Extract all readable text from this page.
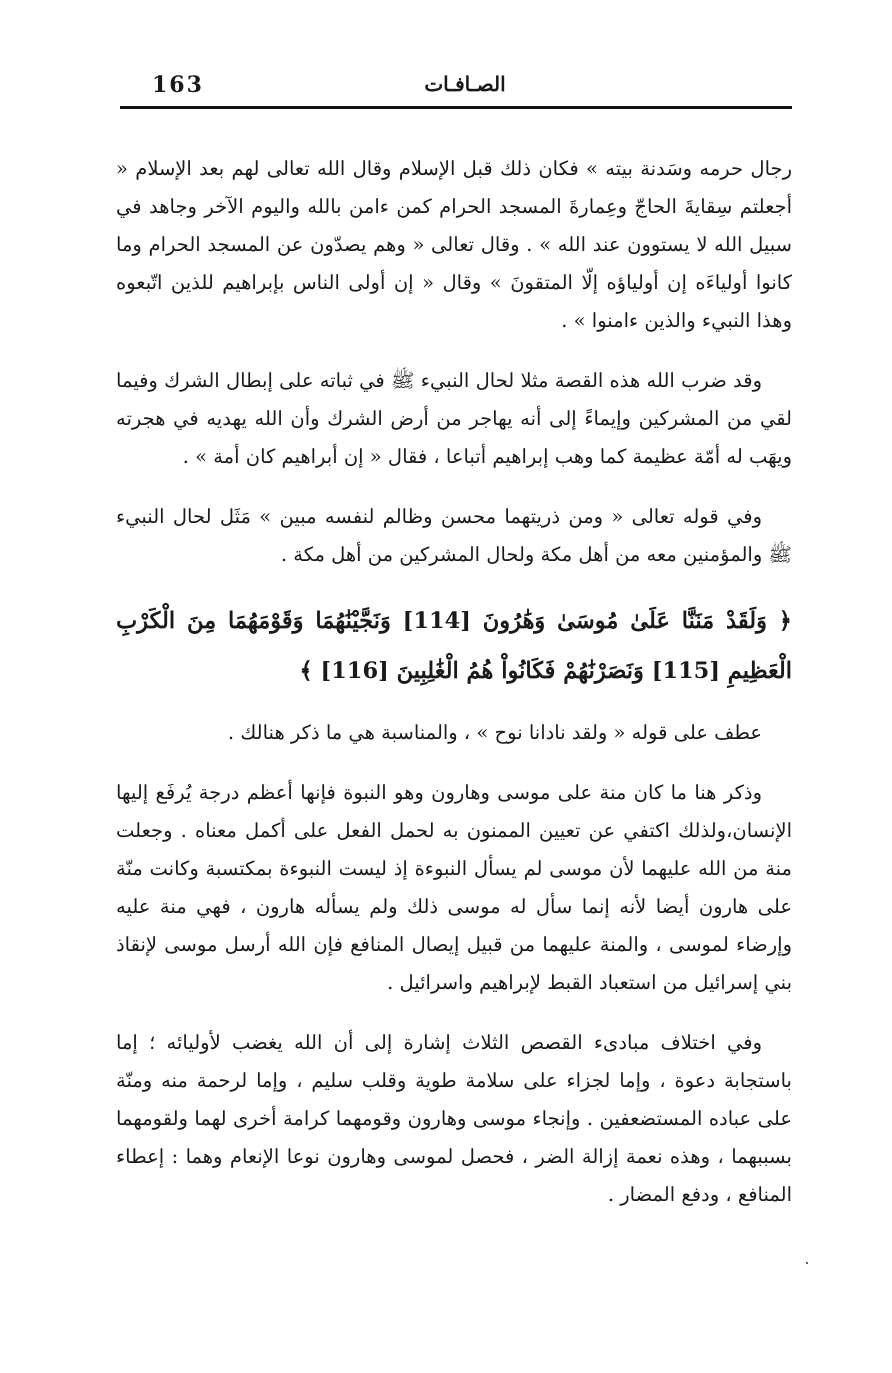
163	الصـافـات

رجال حرمه وسَدنة بيته » فكان ذلك قبل الإسلام وقال الله تعالى لهم بعد الإسلام « أجعلتم سِقايةَ الحاجّ وعِمارةَ المسجد الحرام كمن ءامن بالله واليوم الآخر وجاهد في سبيل الله لا يستوون عند الله » . وقال تعالى « وهم يصدّون عن المسجد الحرام وما كانوا أولياءَه إن أولياؤه إلّا المتقونَ » وقال « إن أولى الناس بإبراهيم للذين اتّبعوه وهذا النبيء والذين ءامنوا » .

وقد ضرب الله هذه القصة مثلا لحال النبيء ﷺ في ثباته على إبطال الشرك وفيما لقي من المشركين وإيماءً إلى أنه يهاجر من أرض الشرك وأن الله يهديه في هجرته ويهَب له أمّة عظيمة كما وهب إبراهيم أتباعا ، فقال « إن أبراهيم كان أمة » .

وفي قوله تعالى « ومن ذريتهما محسن وظالم لنفسه مبين » مَثَل لحال النبيء ﷺ والمؤمنين معه من أهل مكة ولحال المشركين من أهل مكة .

﴿ وَلَقَدْ مَنَنَّا عَلَىٰ مُوسَىٰ وَهَٰرُونَ [114] وَنَجَّيْنَٰهُمَا وَقَوْمَهُمَا مِنَ الْكَرْبِ الْعَظِيمِ [115] وَنَصَرْنَٰهُمْ فَكَانُواْ هُمُ الْغَٰلِبِينَ [116] ﴾

عطف على قوله « ولقد نادانا نوح » ، والمناسبة هي ما ذكر هنالك .

وذكر هنا ما كان منة على موسى وهارون وهو النبوة فإنها أعظم درجة يُرفَع إليها الإنسان،ولذلك اكتفي عن تعيين الممنون به لحمل الفعل على أكمل معناه . وجعلت منة من الله عليهما لأن موسى لم يسأل النبوءة إذ ليست النبوءة بمكتسبة وكانت منّة على هارون أيضا لأنه إنما سأل له موسى ذلك ولم يسأله هارون ، فهي منة عليه وإرضاء لموسى ، والمنة عليهما من قبيل إيصال المنافع فإن الله أرسل موسى لإنقاذ بني إسرائيل من استعباد القبط لإبراهيم واسرائيل .

وفي اختلاف مبادىء القصص الثلاث إشارة إلى أن الله يغضب لأوليائه ؛ إما باستجابة دعوة ، وإما لجزاء على سلامة طوية وقلب سليم ، وإما لرحمة منه ومنّة على عباده المستضعفين . وإنجاء موسى وهارون وقومهما كرامة أخرى لهما ولقومهما بسببهما ، وهذه نعمة إزالة الضر ، فحصل لموسى وهارون نوعا الإنعام وهما : إعطاء المنافع ، ودفع المضار .
